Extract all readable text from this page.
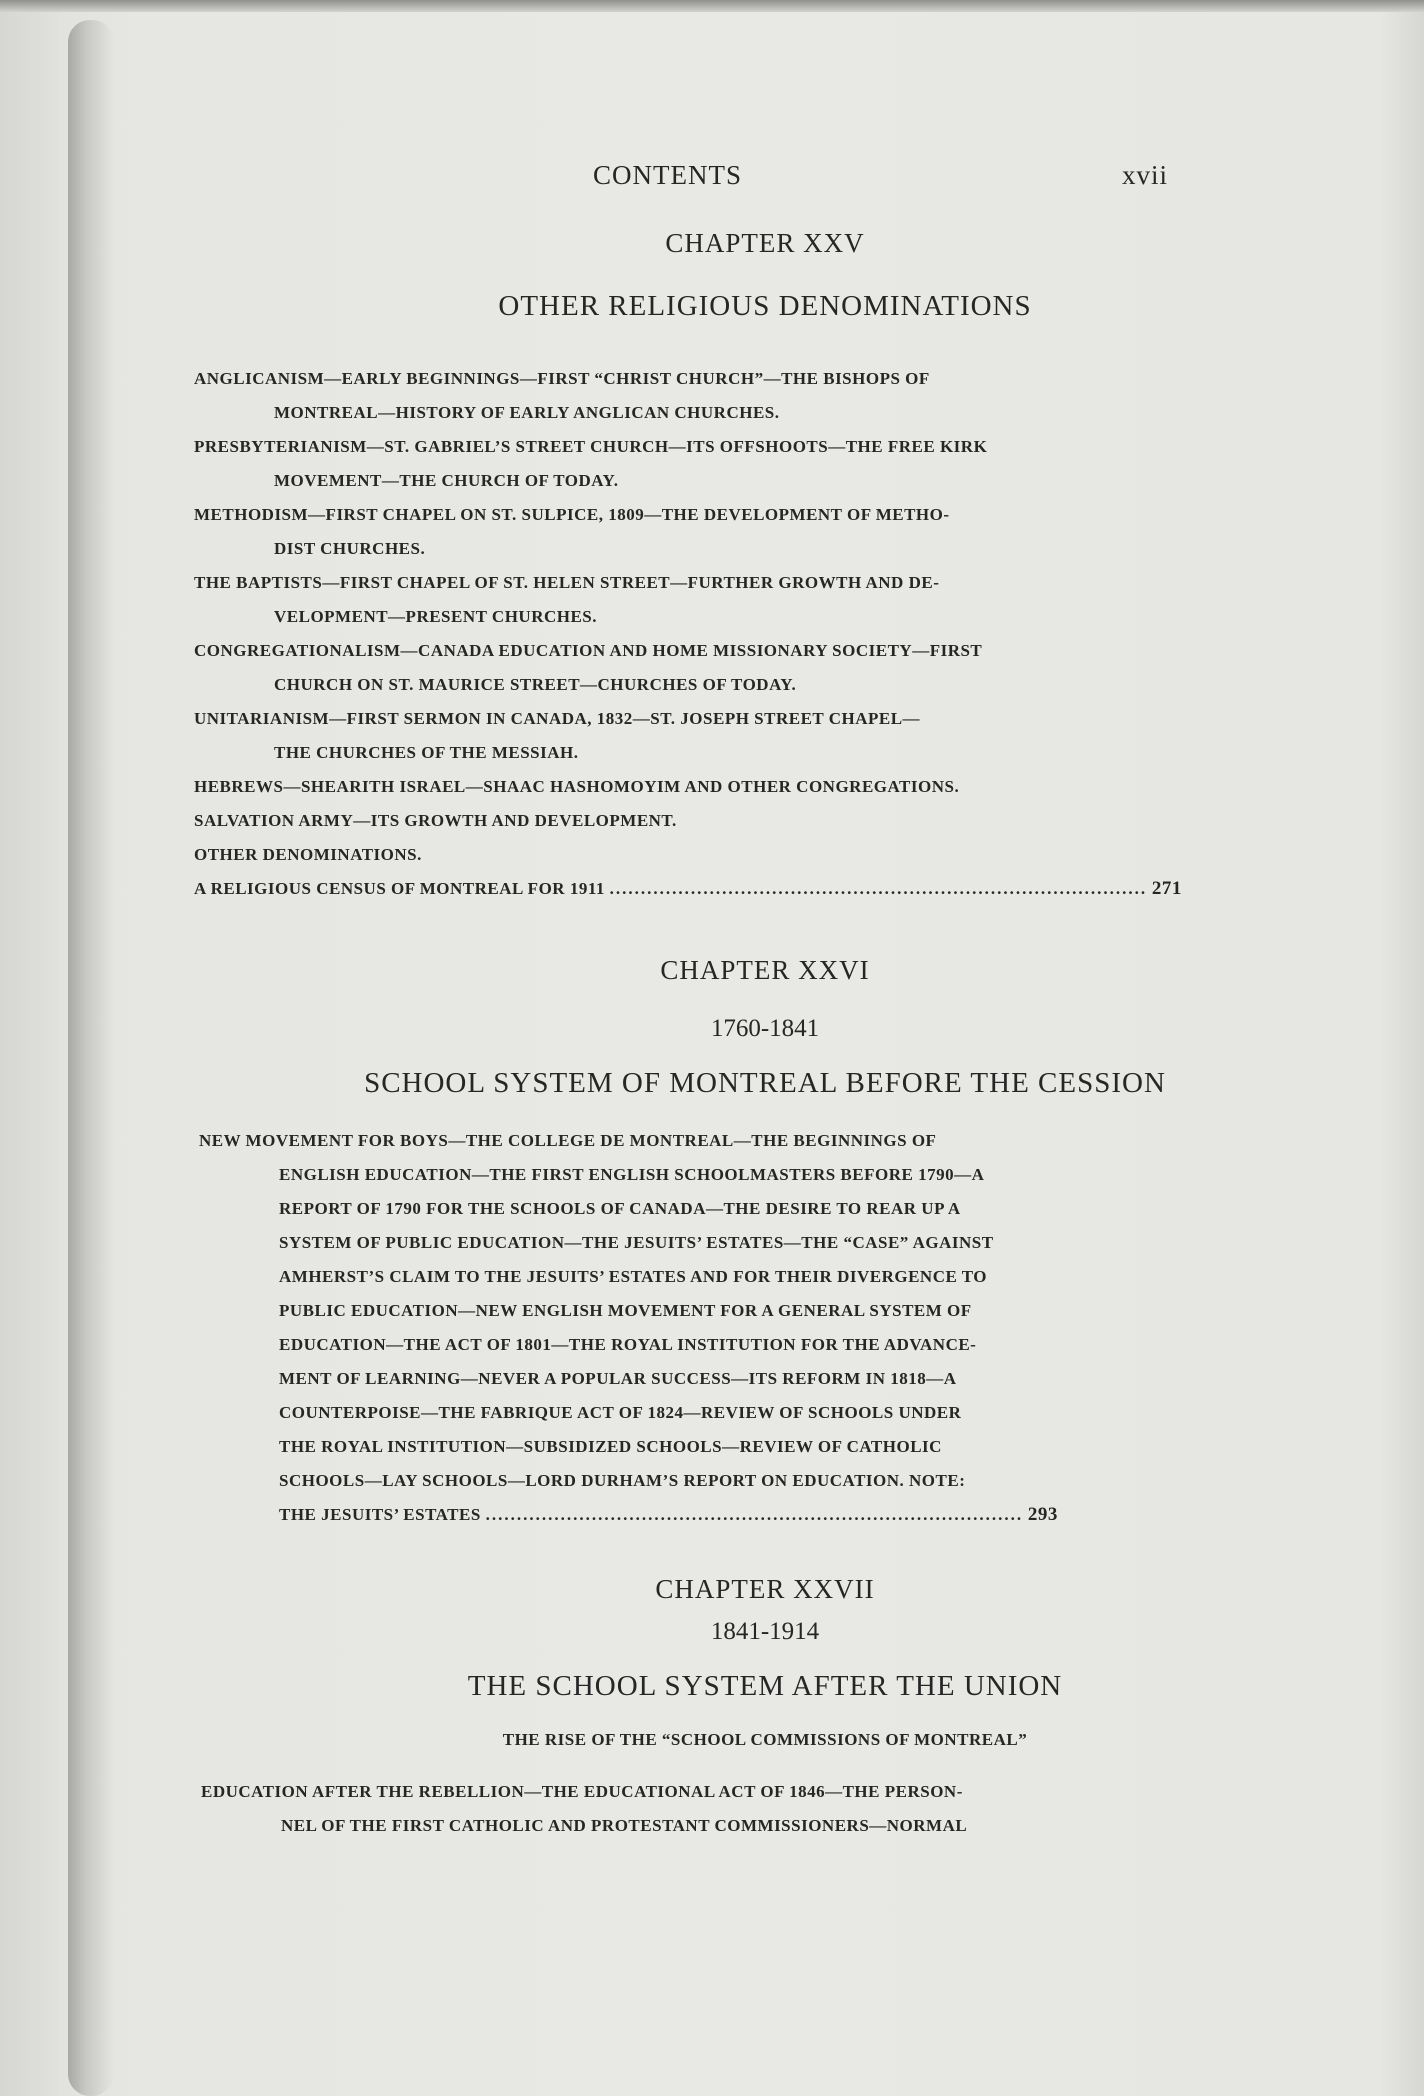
CONTENTS	xvii
CHAPTER XXV
OTHER RELIGIOUS DENOMINATIONS
ANGLICANISM—EARLY BEGINNINGS—FIRST “CHRIST CHURCH”—THE BISHOPS OF
MONTREAL—HISTORY OF EARLY ANGLICAN CHURCHES.
PRESBYTERIANISM—ST. GABRIEL’S STREET CHURCH—ITS OFFSHOOTS—THE FREE KIRK
MOVEMENT—THE CHURCH OF TODAY.
METHODISM—FIRST CHAPEL ON ST. SULPICE, 1809—THE DEVELOPMENT OF METHO-
DIST CHURCHES.
THE BAPTISTS—FIRST CHAPEL OF ST. HELEN STREET—FURTHER GROWTH AND DE-
VELOPMENT—PRESENT CHURCHES.
CONGREGATIONALISM—CANADA EDUCATION AND HOME MISSIONARY SOCIETY—FIRST
CHURCH ON ST. MAURICE STREET—CHURCHES OF TODAY.
UNITARIANISM—FIRST SERMON IN CANADA, 1832—ST. JOSEPH STREET CHAPEL—
THE CHURCHES OF THE MESSIAH.
HEBREWS—SHEARITH ISRAEL—SHAAC HASHOMOYIM AND OTHER CONGREGATIONS.
SALVATION ARMY—ITS GROWTH AND DEVELOPMENT.
OTHER DENOMINATIONS.
A RELIGIOUS CENSUS OF MONTREAL FOR 1911 ...................................................................................... 271
CHAPTER XXVI
1760-1841
SCHOOL SYSTEM OF MONTREAL BEFORE THE CESSION
NEW MOVEMENT FOR BOYS—THE COLLEGE DE MONTREAL—THE BEGINNINGS OF
ENGLISH EDUCATION—THE FIRST ENGLISH SCHOOLMASTERS BEFORE 1790—A
REPORT OF 1790 FOR THE SCHOOLS OF CANADA—THE DESIRE TO REAR UP A
SYSTEM OF PUBLIC EDUCATION—THE JESUITS’ ESTATES—THE “CASE” AGAINST
AMHERST’S CLAIM TO THE JESUITS’ ESTATES AND FOR THEIR DIVERGENCE TO
PUBLIC EDUCATION—NEW ENGLISH MOVEMENT FOR A GENERAL SYSTEM OF
EDUCATION—THE ACT OF 1801—THE ROYAL INSTITUTION FOR THE ADVANCE-
MENT OF LEARNING—NEVER A POPULAR SUCCESS—ITS REFORM IN 1818—A
COUNTERPOISE—THE FABRIQUE ACT OF 1824—REVIEW OF SCHOOLS UNDER
THE ROYAL INSTITUTION—SUBSIDIZED SCHOOLS—REVIEW OF CATHOLIC
SCHOOLS—LAY SCHOOLS—LORD DURHAM’S REPORT ON EDUCATION. NOTE:
THE JESUITS’ ESTATES ...................................................................................... 293
CHAPTER XXVII
1841-1914
THE SCHOOL SYSTEM AFTER THE UNION
THE RISE OF THE “SCHOOL COMMISSIONS OF MONTREAL”
EDUCATION AFTER THE REBELLION—THE EDUCATIONAL ACT OF 1846—THE PERSON-
NEL OF THE FIRST CATHOLIC AND PROTESTANT COMMISSIONERS—NORMAL
